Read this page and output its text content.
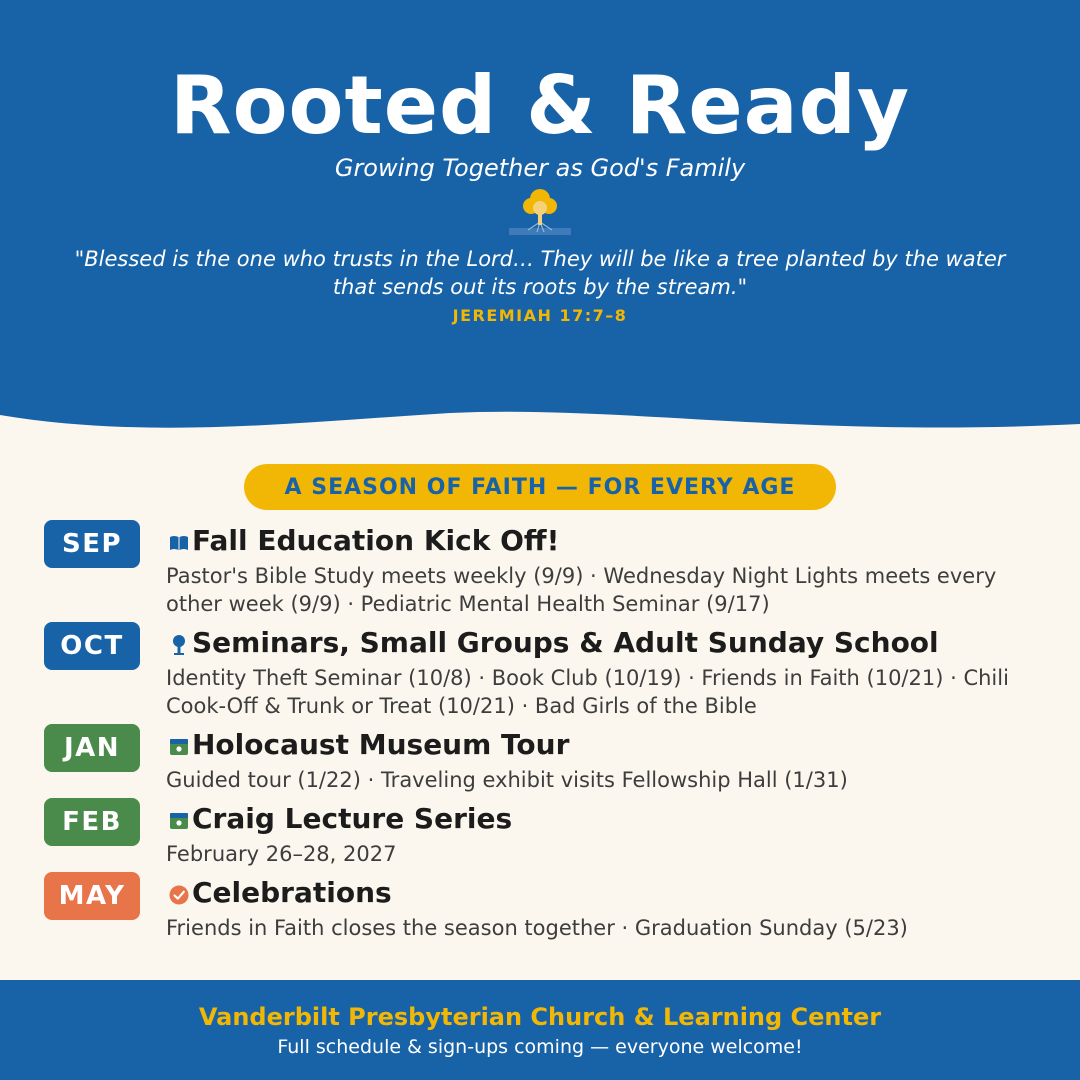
Rooted & Ready
Growing Together as God's Family
"Blessed is the one who trusts in the Lord… They will be like a tree planted by the water that sends out its roots by the stream."
JEREMIAH 17:7–8
A SEASON OF FAITH — FOR EVERY AGE
SEP	Fall Education Kick Off!
Pastor's Bible Study meets weekly (9/9) · Wednesday Night Lights meets every other week (9/9) · Pediatric Mental Health Seminar (9/17)
OCT	Seminars, Small Groups & Adult Sunday School
Identity Theft Seminar (10/8) · Book Club (10/19) · Friends in Faith (10/21) · Chili Cook-Off & Trunk or Treat (10/21) · Bad Girls of the Bible
JAN	Holocaust Museum Tour
Guided tour (1/22) · Traveling exhibit visits Fellowship Hall (1/31)
FEB	Craig Lecture Series
February 26–28, 2027
MAY	Celebrations
Friends in Faith closes the season together · Graduation Sunday (5/23)
Vanderbilt Presbyterian Church & Learning Center
Full schedule & sign-ups coming — everyone welcome!
